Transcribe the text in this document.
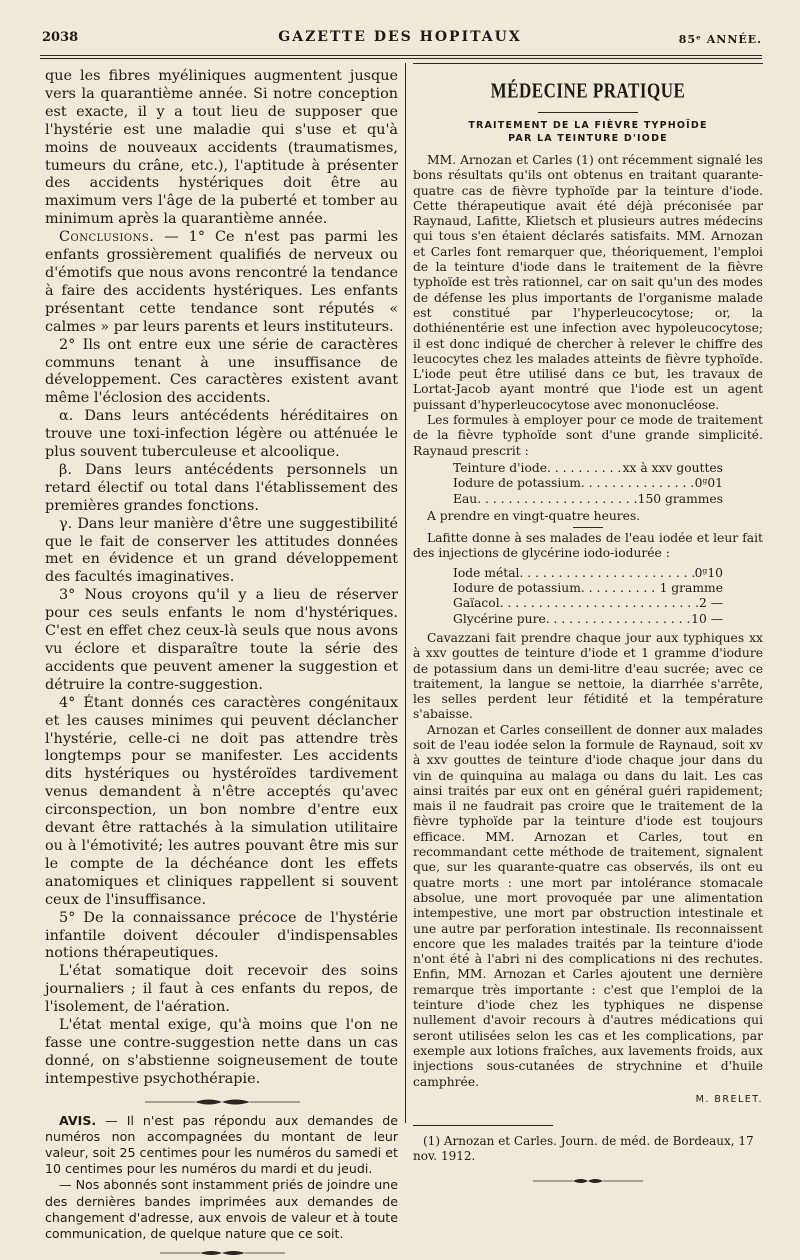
2038	GAZETTE DES HOPITAUX	85ᵉ ANNÉE.

que les fibres myéliniques augmentent jusque vers la quarantième année. Si notre conception est exacte, il y a tout lieu de supposer que l'hystérie est une maladie qui s'use et qu'à moins de nouveaux accidents (traumatismes, tumeurs du crâne, etc.), l'aptitude à présenter des accidents hystériques doit être au maximum vers l'âge de la puberté et tomber au minimum après la quarantième année.

Conclusions. — 1° Ce n'est pas parmi les enfants grossièrement qualifiés de nerveux ou d'émotifs que nous avons rencontré la tendance à faire des accidents hystériques. Les enfants présentant cette tendance sont réputés « calmes » par leurs parents et leurs instituteurs.

2° Ils ont entre eux une série de caractères communs tenant à une insuffisance de développement. Ces caractères existent avant même l'éclosion des accidents.

α. Dans leurs antécédents héréditaires on trouve une toxi-infection légère ou atténuée le plus souvent tuberculeuse et alcoolique.

β. Dans leurs antécédents personnels un retard électif ou total dans l'établissement des premières grandes fonctions.

γ. Dans leur manière d'être une suggestibilité que le fait de conserver les attitudes données met en évidence et un grand développement des facultés imaginatives.

3° Nous croyons qu'il y a lieu de réserver pour ces seuls enfants le nom d'hystériques. C'est en effet chez ceux-là seuls que nous avons vu éclore et disparaître toute la série des accidents que peuvent amener la suggestion et détruire la contre-suggestion.

4° Étant donnés ces caractères congénitaux et les causes minimes qui peuvent déclancher l'hystérie, celle-ci ne doit pas attendre très longtemps pour se manifester. Les accidents dits hystériques ou hystéroïdes tardivement venus demandent à n'être acceptés qu'avec circonspection, un bon nombre d'entre eux devant être rattachés à la simulation utilitaire ou à l'émotivité; les autres pouvant être mis sur le compte de la déchéance dont les effets anatomiques et cliniques rappellent si souvent ceux de l'insuffisance.

5° De la connaissance précoce de l'hystérie infantile doivent découler d'indispensables notions thérapeutiques.

L'état somatique doit recevoir des soins journaliers ; il faut à ces enfants du repos, de l'isolement, de l'aération.

L'état mental exige, qu'à moins que l'on ne fasse une contre-suggestion nette dans un cas donné, on s'abstienne soigneusement de toute intempestive psychothérapie.

AVIS. — Il n'est pas répondu aux demandes de numéros non accompagnées du montant de leur valeur, soit 25 centimes pour les numéros du samedi et 10 centimes pour les numéros du mardi et du jeudi.

— Nos abonnés sont instamment priés de joindre une des dernières bandes imprimées aux demandes de changement d'adresse, aux envois de valeur et à toute communication, de quelque nature que ce soit.

MÉDECINE PRATIQUE
TRAITEMENT DE LA FIÈVRE TYPHOÏDE
PAR LA TEINTURE D'IODE

MM. Arnozan et Carles (1) ont récemment signalé les bons résultats qu'ils ont obtenus en traitant quarante-quatre cas de fièvre typhoïde par la teinture d'iode. Cette thérapeutique avait été déjà préconisée par Raynaud, Lafitte, Klietsch et plusieurs autres médecins qui tous s'en étaient déclarés satisfaits. MM. Arnozan et Carles font remarquer que, théoriquement, l'emploi de la teinture d'iode dans le traitement de la fièvre typhoïde est très rationnel, car on sait qu'un des modes de défense les plus importants de l'organisme malade est constitué par l'hyperleucocytose; or, la dothiénentérie est une infection avec hypoleucocytose; il est donc indiqué de chercher à relever le chiffre des leucocytes chez les malades atteints de fièvre typhoïde. L'iode peut être utilisé dans ce but, les travaux de Lortat-Jacob ayant montré que l'iode est un agent puissant d'hyperleucocytose avec mononucléose.

Les formules à employer pour ce mode de traitement de la fièvre typhoïde sont d'une grande simplicité. Raynaud prescrit :

Teinture d'iode . . .	xx à xxv gouttes
Iodure de potassium . . .	0ᵍ01
Eau . . .	150 grammes

A prendre en vingt-quatre heures.

Lafitte donne à ses malades de l'eau iodée et leur fait des injections de glycérine iodo-iodurée :

Iode métal . . .	0ᵍ10
Iodure de potassium . . .	1 gramme
Gaïacol . . .	2 —
Glycérine pure . . .	10 —

Cavazzani fait prendre chaque jour aux typhiques xx à xxv gouttes de teinture d'iode et 1 gramme d'iodure de potassium dans un demi-litre d'eau sucrée; avec ce traitement, la langue se nettoie, la diarrhée s'arrête, les selles perdent leur fétidité et la température s'abaisse.

Arnozan et Carles conseillent de donner aux malades soit de l'eau iodée selon la formule de Raynaud, soit xv à xxv gouttes de teinture d'iode chaque jour dans du vin de quinquina au malaga ou dans du lait. Les cas ainsi traités par eux ont en général guéri rapidement; mais il ne faudrait pas croire que le traitement de la fièvre typhoïde par la teinture d'iode est toujours efficace. MM. Arnozan et Carles, tout en recommandant cette méthode de traitement, signalent que, sur les quarante-quatre cas observés, ils ont eu quatre morts : une mort par intolérance stomacale absolue, une mort provoquée par une alimentation intempestive, une mort par obstruction intestinale et une autre par perforation intestinale. Ils reconnaissent encore que les malades traités par la teinture d'iode n'ont été à l'abri ni des complications ni des rechutes. Enfin, MM. Arnozan et Carles ajoutent une dernière remarque très importante : c'est que l'emploi de la teinture d'iode chez les typhiques ne dispense nullement d'avoir recours à d'autres médications qui seront utilisées selon les cas et les complications, par exemple aux lotions fraîches, aux lavements froids, aux injections sous-cutanées de strychnine et d'huile camphrée.

M. BRELET.

(1) Arnozan et Carles. Journ. de méd. de Bordeaux, 17 nov. 1912.
